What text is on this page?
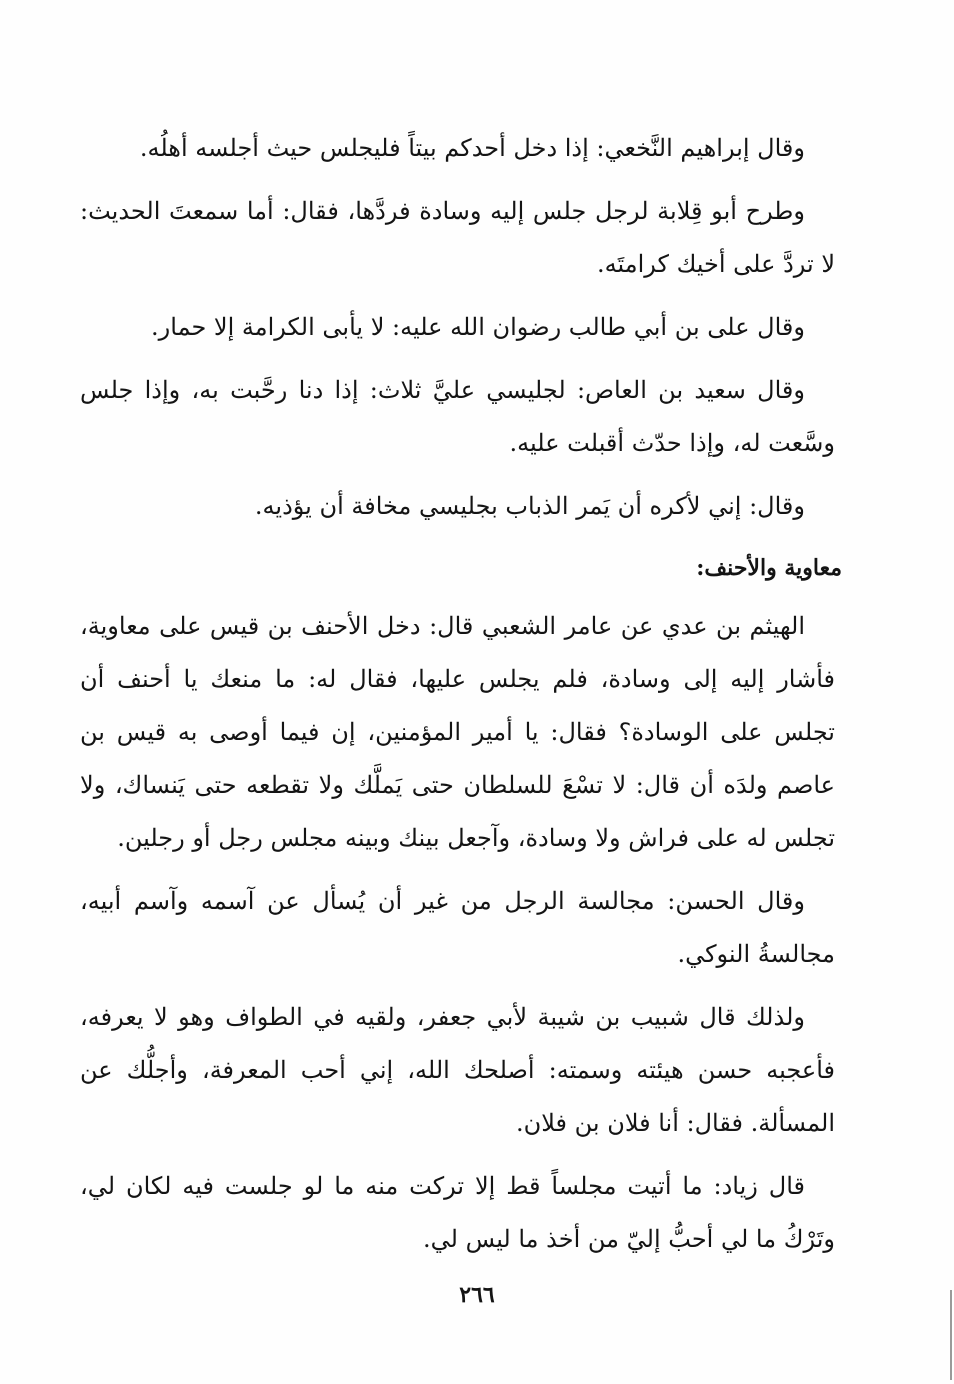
وقال إبراهيم النَّخعي: إذا دخل أحدكم بيتاً فليجلس حيث أجلسه أهلُه.

وطرح أبو قِلابة لرجل جلس إليه وسادة فردَّها، فقال: أما سمعتَ الحديث: لا تردَّ على أخيك كرامتَه.

وقال على بن أبي طالب رضوان الله عليه: لا يأبى الكرامة إلا حمار.

وقال سعيد بن العاص: لجليسي عليَّ ثلاث: إذا دنا رحَّبت به، وإذا جلس وسَّعت له، وإذا حدّث أقبلت عليه.

وقال: إني لأكره أن يَمر الذباب بجليسي مخافة أن يؤذيه.

معاوية والأحنف:

الهيثم بن عدي عن عامر الشعبي قال: دخل الأحنف بن قيس على معاوية، فأشار إليه إلى وسادة، فلم يجلس عليها، فقال له: ما منعك يا أحنف أن تجلس على الوسادة؟ فقال: يا أمير المؤمنين، إن فيما أوصى به قيس بن عاصم ولدَه أن قال: لا تسْعَ للسلطان حتى يَملَّك ولا تقطعه حتى يَنساك، ولا تجلس له على فراش ولا وسادة، وآجعل بينك وبينه مجلس رجل أو رجلين.

وقال الحسن: مجالسة الرجل من غير أن يُسأل عن آسمه وآسم أبيه، مجالسةُ النوكي.

ولذلك قال شبيب بن شيبة لأبي جعفر، ولقيه في الطواف وهو لا يعرفه، فأعجبه حسن هيئته وسمته: أصلحك الله، إني أحب المعرفة، وأجلُّك عن المسألة. فقال: أنا فلان بن فلان.

قال زياد: ما أتيت مجلساً قط إلا تركت منه ما لو جلست فيه لكان لي، وتَرْكُ ما لي أحبُّ إليّ من أخذ ما ليس لي.

٢٦٦
